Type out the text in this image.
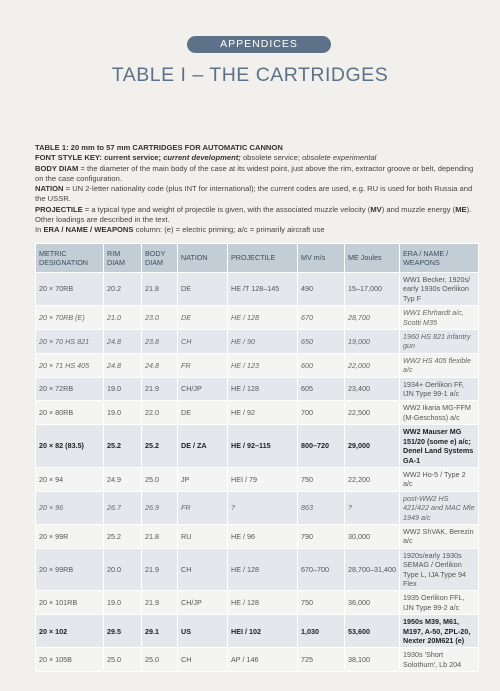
APPENDICES
TABLE I – THE CARTRIDGES

TABLE 1: 20 mm to 57 mm CARTRIDGES FOR AUTOMATIC CANNON

FONT STYLE KEY: current service; current development; obsolete service; obsolete experimental

BODY DIAM = the diameter of the main body of the case at its widest point, just above the rim, extractor groove or belt, depending on the case configuration.

NATION = UN 2-letter nationality code (plus INT for international); the current codes are used, e.g. RU is used for both Russia and the USSR.

PROJECTILE = a typical type and weight of projectile is given, with the associated muzzle velocity (MV) and muzzle energy (ME). Other loadings are described in the text.

In ERA / NAME / WEAPONS column: (e) = electric priming; a/c = primarily aircraft use

METRIC DESIGNATION	RIM DIAM	BODY DIAM	NATION	PROJECTILE	MV m/s	ME Joules	ERA / NAME / WEAPONS
20 × 70RB	20.2	21.8	DE	HE /T 128–145	490	15–17,000	WW1 Becker, 1920s/ early 1930s Oerlikon Typ F
20 × 70RB (E)	21.0	23.0	DE	HE / 128	670	28,700	WW1 Ehrhardt a/c, Scotti M35
20 × 70 HS 821	24.8	23.8	CH	HE / 90	650	19,000	1960 HS 821 infantry gun
20 × 71 HS 405	24.8	24.8	FR	HE / 123	600	22,000	WW2 HS 405 flexible a/c
20 × 72RB	19.0	21.9	CH/JP	HE / 128	605	23,400	1934+ Oerlikon FF, IJN Type 99-1 a/c
20 × 80RB	19.0	22.0	DE	HE / 92	700	22,500	WW2 Ikaria MG-FFM (M-Geschoss) a/c
20 × 82 (83.5)	25.2	25.2	DE / ZA	HE / 92–115	800–720	29,000	WW2 Mauser MG 151/20 (some e) a/c; Denel Land Systems GA-1
20 × 94	24.9	25.0	JP	HEI / 79	750	22,200	WW2 Ho-5 / Type 2 a/c
20 × 96	26.7	26.9	FR	?	863	?	post-WW2 HS 421/422 and MAC Mle 1949 a/c
20 × 99R	25.2	21.8	RU	HE / 96	790	30,000	WW2 ShVAK, Berezin a/c
20 × 99RB	20.0	21.9	CH	HE / 128	670–700	28,700–31,400	1920s/early 1930s SEMAG / Oerlikon Type L, IJA Type 94 Flex
20 × 101RB	19.0	21.9	CH/JP	HE / 128	750	36,000	1935 Oerlikon FFL, IJN Type 99-2 a/c
20 × 102	29.5	29.1	US	HEI / 102	1,030	53,600	1950s M39, M61, M197, A-50, ZPL-20, Nexter 20M621 (e)
20 × 105B	25.0	25.0	CH	AP / 146	725	38,100	1930s 'Short Solothurn', Lb 204
